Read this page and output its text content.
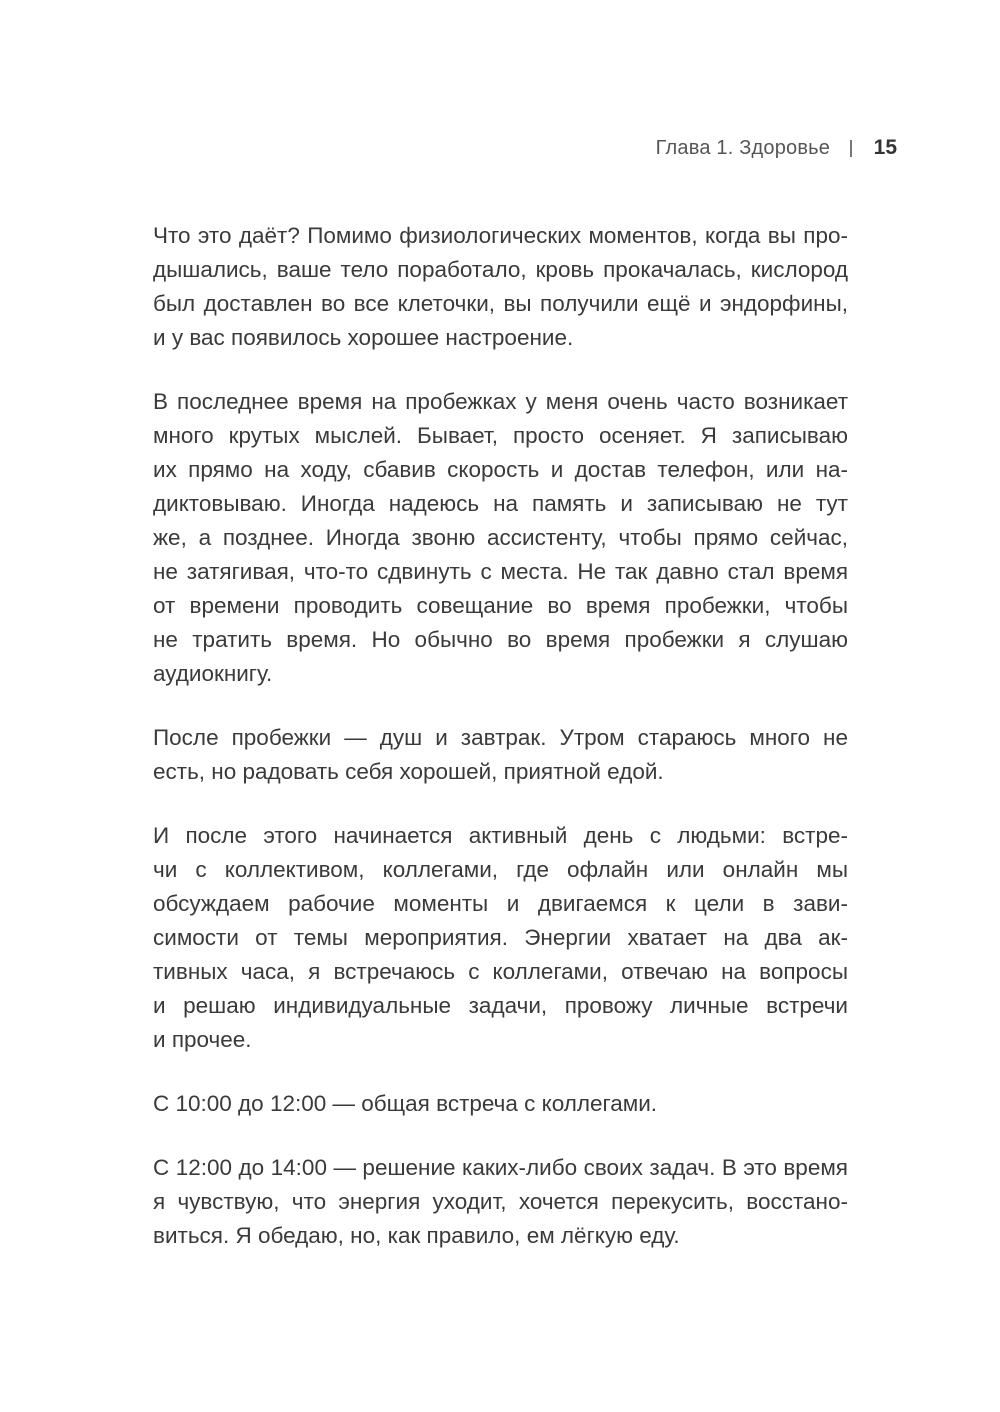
Глава 1. Здоровье 15
Что это даёт? Помимо физиологических моментов, когда вы про-
дышались, ваше тело поработало, кровь прокачалась, кислород
был доставлен во все клеточки, вы получили ещё и эндорфины,
и у вас появилось хорошее настроение.
В последнее время на пробежках у меня очень часто возникает
много крутых мыслей. Бывает, просто осеняет. Я записываю
их прямо на ходу, сбавив скорость и достав телефон, или на-
диктовываю. Иногда надеюсь на память и записываю не тут
же, а позднее. Иногда звоню ассистенту, чтобы прямо сейчас,
не затягивая, что-то сдвинуть с места. Не так давно стал время
от времени проводить совещание во время пробежки, чтобы
не тратить время. Но обычно во время пробежки я слушаю
аудиокнигу.
После пробежки — душ и завтрак. Утром стараюсь много не
есть, но радовать себя хорошей, приятной едой.
И после этого начинается активный день с людьми: встре-
чи с коллективом, коллегами, где офлайн или онлайн мы
обсуждаем рабочие моменты и двигаемся к цели в зави-
симости от темы мероприятия. Энергии хватает на два ак-
тивных часа, я встречаюсь с коллегами, отвечаю на вопросы
и решаю индивидуальные задачи, провожу личные встречи
и прочее.
С 10:00 до 12:00 — общая встреча с коллегами.
С 12:00 до 14:00 — решение каких-либо своих задач. В это время
я чувствую, что энергия уходит, хочется перекусить, восстано-
виться. Я обедаю, но, как правило, ем лёгкую еду.
